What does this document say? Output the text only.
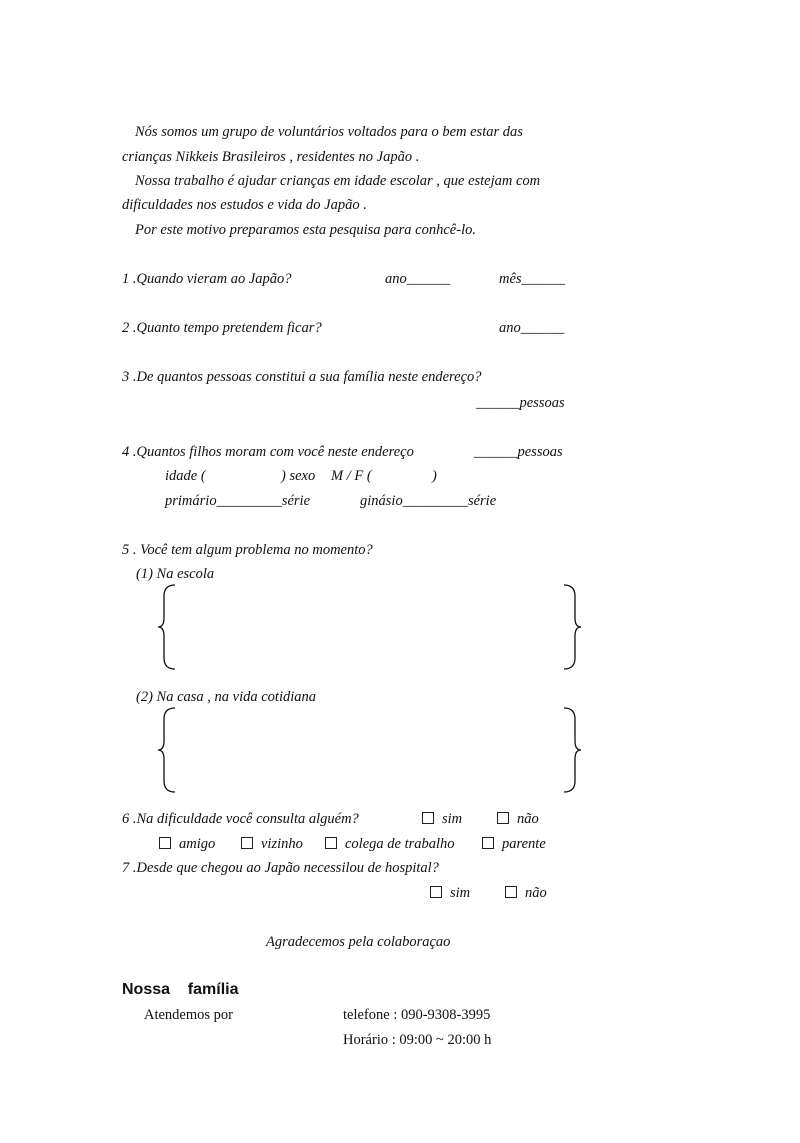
Nós somos um grupo de voluntários voltados para o bem estar das
crianças Nikkeis Brasileiros , residentes no Japão .
Nossa trabalho é ajudar crianças em idade escolar , que estejam com
dificuldades nos estudos e vida do Japão .
Por este motivo preparamos esta pesquisa para conhcê-lo.
1 .Quando vieram ao Japão?	ano______	mês______
2 .Quanto tempo pretendem ficar?	ano______
3 .De quantos pessoas constitui a sua família neste endereço?
______pessoas
4 .Quantos filhos moram com você neste endereço	______pessoas
idade (	) sexo M / F (	)
primário_________série	ginásio_________série
5 . Você tem algum problema no momento?
(1) Na escola
(2) Na casa , na vida cotidiana
6 .Na dificuldade você consulta alguém?	sim	não
amigo	vizinho	colega de trabalho	parente
7 .Desde que chegou ao Japão necessilou de hospital?
sim	não
Agradecemos pela colaboraçao
Nossa    família
Atendemos por	telefone : 090-9308-3995
Horário : 09:00 ~ 20:00 h
